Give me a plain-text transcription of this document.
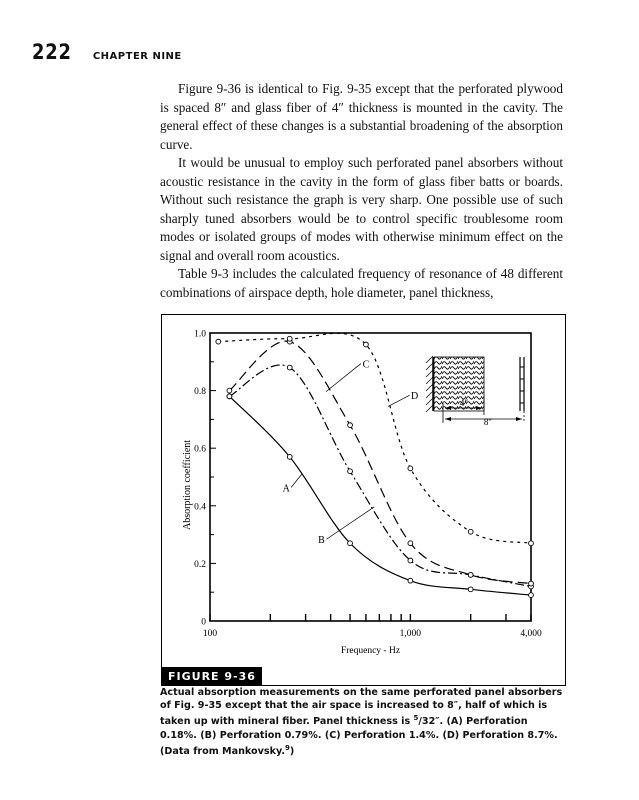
222 CHAPTER NINE

Figure 9-36 is identical to Fig. 9-35 except that the perforated plywood is spaced 8″ and glass fiber of 4″ thickness is mounted in the cavity. The general effect of these changes is a substantial broadening of the absorption curve.

It would be unusual to employ such perforated panel absorbers without acoustic resistance in the cavity in the form of glass fiber batts or boards. Without such resistance the graph is very sharp. One possible use of such sharply tuned absorbers would be to control specific troublesome room modes or isolated groups of modes with otherwise minimum effect on the signal and overall room acoustics.

Table 9-3 includes the calculated frequency of resonance of 48 different combinations of airspace depth, hole diameter, panel thickness,

0
0.2
0.4
0.6
0.8
1.0
100	1,000	4,000
Frequency - Hz
Absorption coefficient	A
B
C
D
4″
8″
FIGURE 9-36
Actual absorption measurements on the same perforated panel absorbers of Fig. 9-35 except that the air space is increased to 8″, half of which is taken up with mineral fiber. Panel thickness is $^5$/32″. (A) Perforation 0.18%. (B) Perforation 0.79%. (C) Perforation 1.4%. (D) Perforation 8.7%. (Data from Mankovsky.$^9$)
